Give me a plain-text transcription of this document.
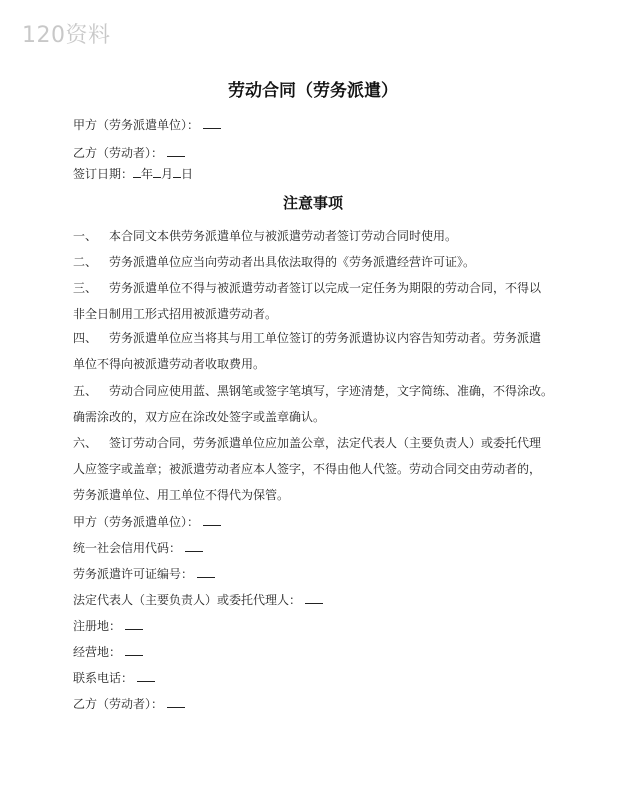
120资料
劳动合同（劳务派遣）
甲方（劳务派遣单位）：
乙方（劳动者）：
签订日期： 年 月 日
注意事项
一、 本合同文本供劳务派遣单位与被派遣劳动者签订劳动合同时使用。
二、 劳务派遣单位应当向劳动者出具依法取得的《劳务派遣经营许可证》。
三、 劳务派遣单位不得与被派遣劳动者签订以完成一定任务为期限的劳动合同，不得以
非全日制用工形式招用被派遣劳动者。
四、 劳务派遣单位应当将其与用工单位签订的劳务派遣协议内容告知劳动者。劳务派遣
单位不得向被派遣劳动者收取费用。
五、 劳动合同应使用蓝、黑钢笔或签字笔填写，字迹清楚，文字简练、准确，不得涂改。
确需涂改的，双方应在涂改处签字或盖章确认。
六、 签订劳动合同，劳务派遣单位应加盖公章，法定代表人（主要负责人）或委托代理
人应签字或盖章；被派遣劳动者应本人签字，不得由他人代签。劳动合同交由劳动者的，
劳务派遣单位、用工单位不得代为保管。
甲方（劳务派遣单位）：
统一社会信用代码：
劳务派遣许可证编号：
法定代表人（主要负责人）或委托代理人：
注册地：
经营地：
联系电话：
乙方（劳动者）：
